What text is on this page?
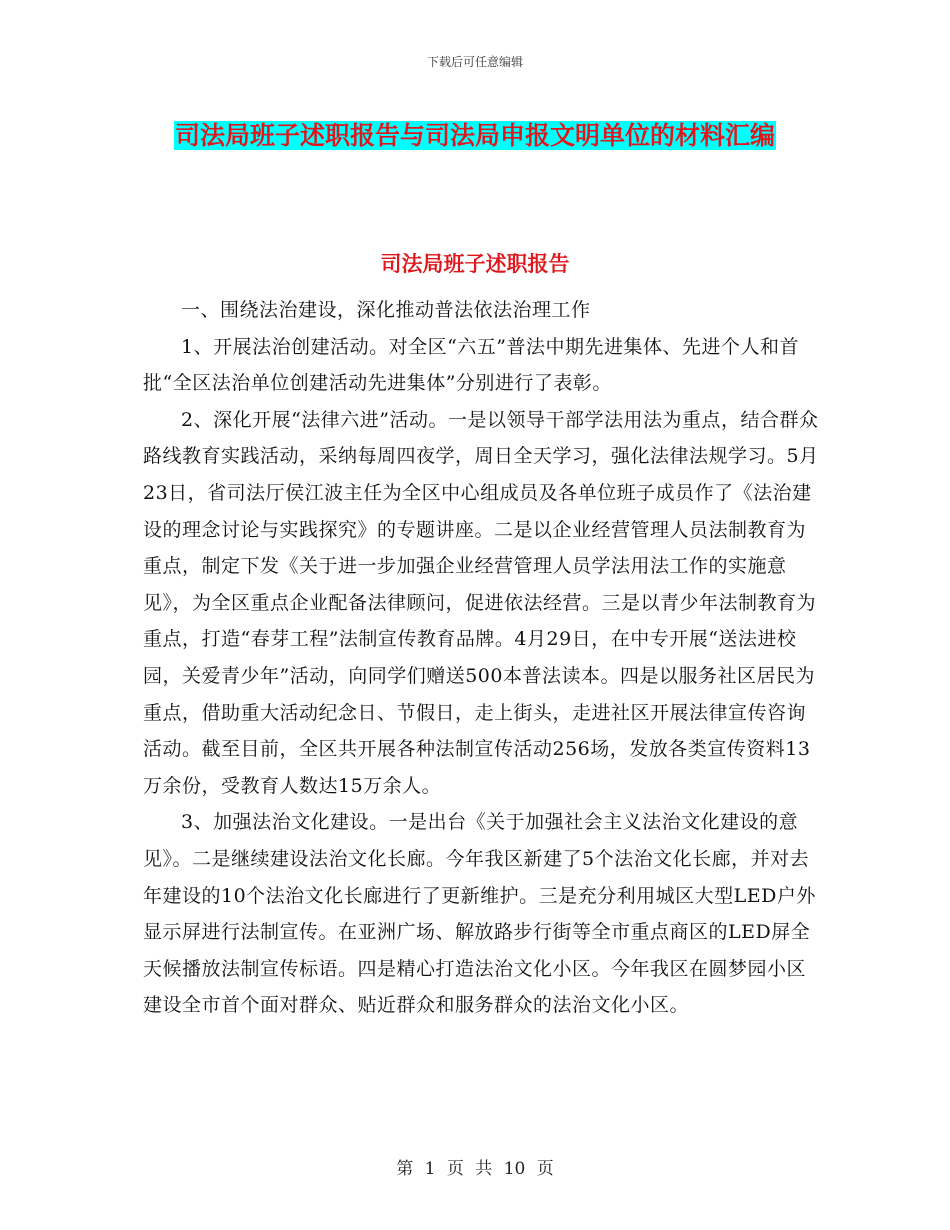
下载后可任意编辑
司法局班子述职报告与司法局申报文明单位的材料汇编
司法局班子述职报告

一、围绕法治建设，深化推动普法依法治理工作

1、开展法治创建活动。对全区“六五”普法中期先进集体、先进个人和首批“全区法治单位创建活动先进集体”分别进行了表彰。

2、深化开展“法律六进”活动。一是以领导干部学法用法为重点，结合群众路线教育实践活动，采纳每周四夜学，周日全天学习，强化法律法规学习。5月23日，省司法厅侯江波主任为全区中心组成员及各单位班子成员作了《法治建设的理念讨论与实践探究》的专题讲座。二是以企业经营管理人员法制教育为重点，制定下发《关于进一步加强企业经营管理人员学法用法工作的实施意见》，为全区重点企业配备法律顾问，促进依法经营。三是以青少年法制教育为重点，打造“春芽工程”法制宣传教育品牌。4月29日，在中专开展“送法进校园，关爱青少年”活动，向同学们赠送500本普法读本。四是以服务社区居民为重点，借助重大活动纪念日、节假日，走上街头，走进社区开展法律宣传咨询活动。截至目前，全区共开展各种法制宣传活动256场，发放各类宣传资料13万余份，受教育人数达15万余人。

3、加强法治文化建设。一是出台《关于加强社会主义法治文化建设的意见》。二是继续建设法治文化长廊。今年我区新建了5个法治文化长廊，并对去年建设的10个法治文化长廊进行了更新维护。三是充分利用城区大型LED户外显示屏进行法制宣传。在亚洲广场、解放路步行街等全市重点商区的LED屏全天候播放法制宣传标语。四是精心打造法治文化小区。今年我区在圆梦园小区建设全市首个面对群众、贴近群众和服务群众的法治文化小区。

第 1 页 共 10 页
